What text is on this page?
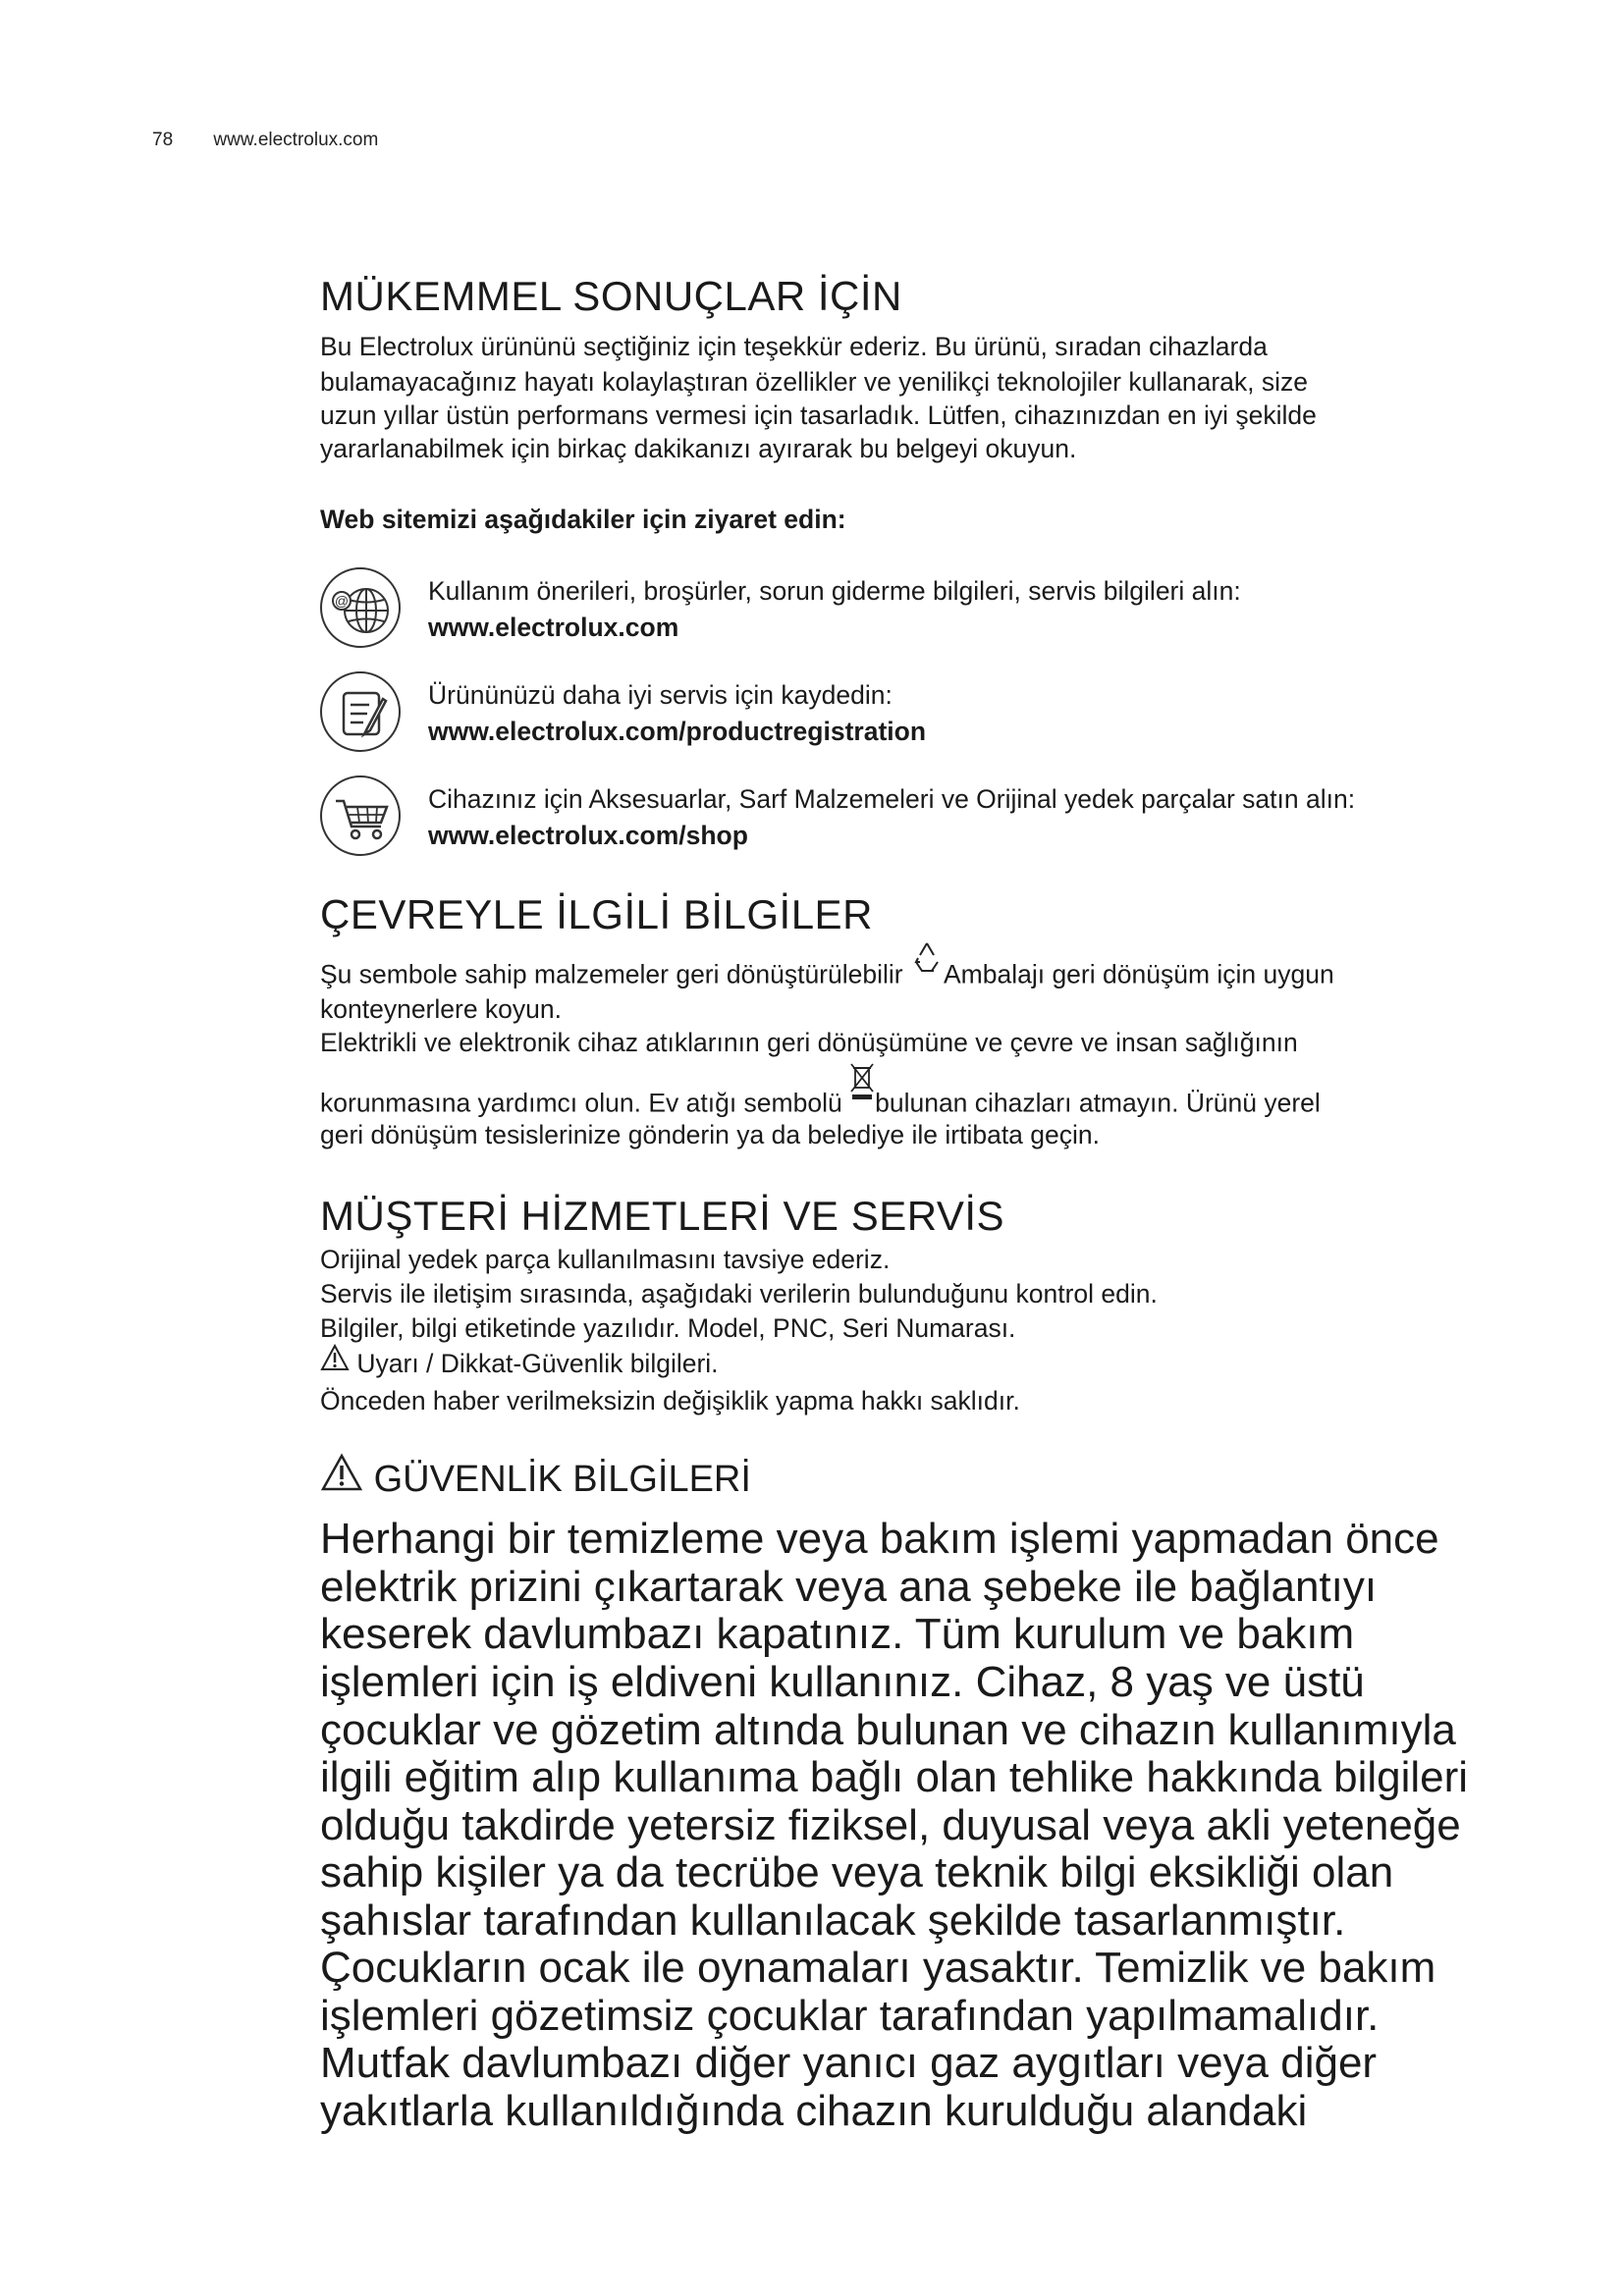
78 www.electrolux.com
MÜKEMMEL SONUÇLAR İÇİN

Bu Electrolux ürününü seçtiğiniz için teşekkür ederiz. Bu ürünü, sıradan cihazlarda

bulamayacağınız hayatı kolaylaştıran özellikler ve yenilikçi teknolojiler kullanarak, size

uzun yıllar üstün performans vermesi için tasarladık. Lütfen, cihazınızdan en iyi şekilde

yararlanabilmek için birkaç dakikanızı ayırarak bu belgeyi okuyun.

Web sitemizi aşağıdakiler için ziyaret edin:

@	Kullanım önerileri, broşürler, sorun giderme bilgileri, servis bilgileri alın:
www.electrolux.com
Ürününüzü daha iyi servis için kaydedin:
www.electrolux.com/productregistration
Cihazınız için Aksesuarlar, Sarf Malzemeleri ve Orijinal yedek parçalar satın alın:
www.electrolux.com/shop
ÇEVREYLE İLGİLİ BİLGİLER

Şu sembole sahip malzemeler geri dönüştürülebilir Ambalajı geri dönüşüm için uygun

konteynerlere koyun.

Elektrikli ve elektronik cihaz atıklarının geri dönüşümüne ve çevre ve insan sağlığının

korunmasına yardımcı olun. Ev atığı sembolü bulunan cihazları atmayın. Ürünü yerel

geri dönüşüm tesislerinize gönderin ya da belediye ile irtibata geçin.

MÜŞTERİ HİZMETLERİ VE SERVİS

Orijinal yedek parça kullanılmasını tavsiye ederiz.

Servis ile iletişim sırasında, aşağıdaki verilerin bulunduğunu kontrol edin.

Bilgiler, bilgi etiketinde yazılıdır. Model, PNC, Seri Numarası.

Uyarı / Dikkat-Güvenlik bilgileri.

Önceden haber verilmeksizin değişiklik yapma hakkı saklıdır.

GÜVENLİK BİLGİLERİ

Herhangi bir temizleme veya bakım işlemi yapmadan önce

elektrik prizini çıkartarak veya ana şebeke ile bağlantıyı

keserek davlumbazı kapatınız. Tüm kurulum ve bakım

işlemleri için iş eldiveni kullanınız. Cihaz, 8 yaş ve üstü

çocuklar ve gözetim altında bulunan ve cihazın kullanımıyla

ilgili eğitim alıp kullanıma bağlı olan tehlike hakkında bilgileri

olduğu takdirde yetersiz fiziksel, duyusal veya akli yeteneğe

sahip kişiler ya da tecrübe veya teknik bilgi eksikliği olan

şahıslar tarafından kullanılacak şekilde tasarlanmıştır.

Çocukların ocak ile oynamaları yasaktır. Temizlik ve bakım

işlemleri gözetimsiz çocuklar tarafından yapılmamalıdır.

Mutfak davlumbazı diğer yanıcı gaz aygıtları veya diğer

yakıtlarla kullanıldığında cihazın kurulduğu alandaki
